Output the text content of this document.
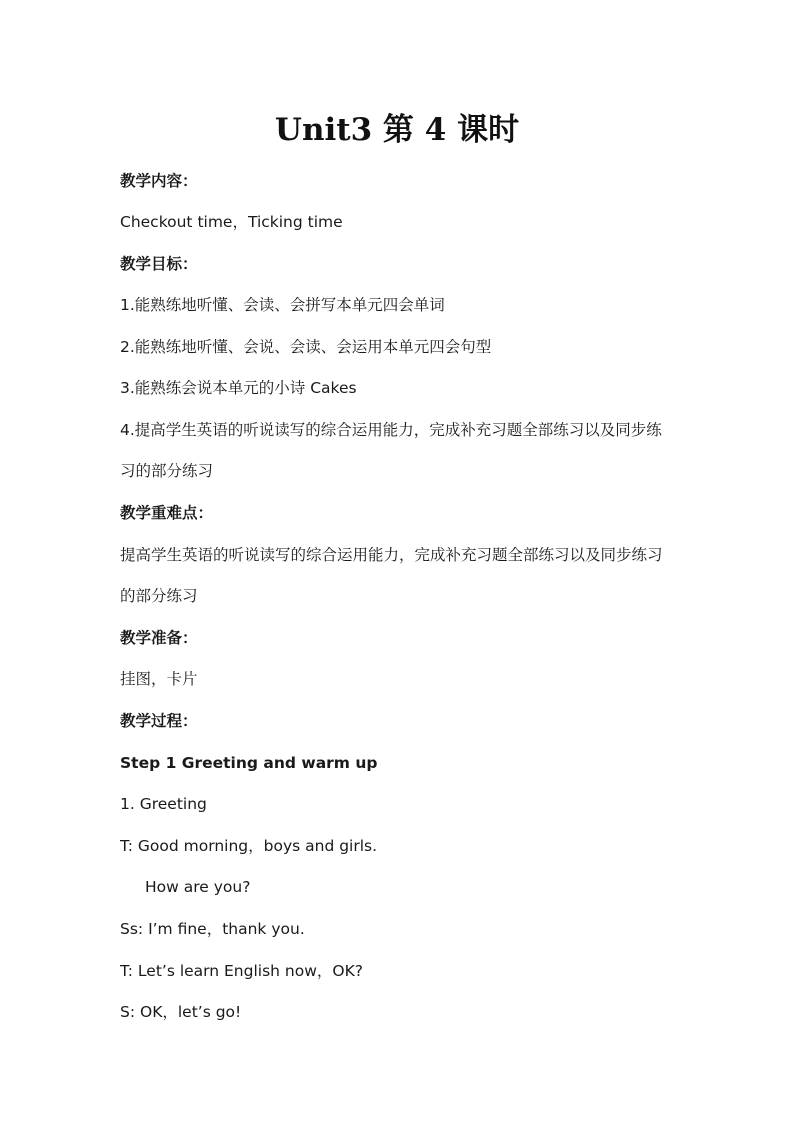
Unit3 第 4 课时
教学内容：
Checkout time，Ticking time
教学目标：
1.能熟练地听懂、会读、会拼写本单元四会单词
2.能熟练地听懂、会说、会读、会运用本单元四会句型
3.能熟练会说本单元的小诗 Cakes
4.提高学生英语的听说读写的综合运用能力，完成补充习题全部练习以及同步练
习的部分练习
教学重难点：
提高学生英语的听说读写的综合运用能力，完成补充习题全部练习以及同步练习
的部分练习
教学准备：
挂图，卡片
教学过程：
Step 1 Greeting and warm up
1. Greeting
T: Good morning，boys and girls.
How are you?
Ss: I’m fine，thank you.
T: Let’s learn English now，OK?
S: OK，let’s go!
